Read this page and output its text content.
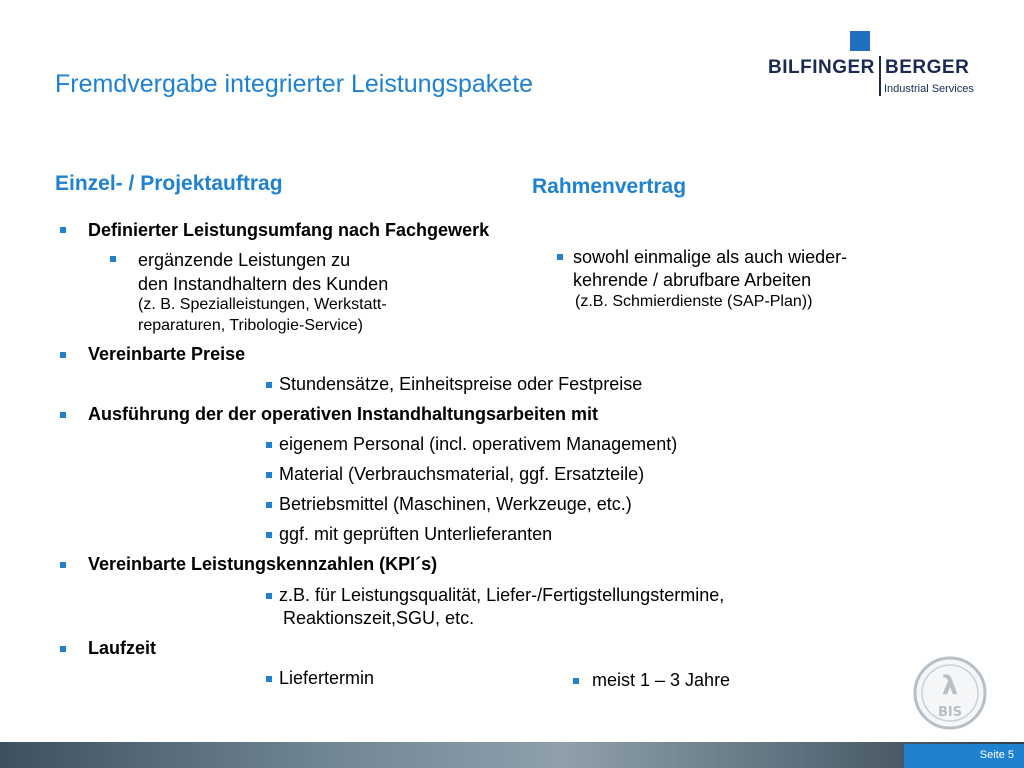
Fremdvergabe integrierter Leistungspakete
BILFINGER BERGER
Industrial Services
Einzel- / Projektauftrag	Rahmenvertrag
Definierter Leistungsumfang nach Fachgewerk
ergänzende Leistungen zu
den Instandhaltern des Kunden
(z. B. Spezialleistungen, Werkstatt-
reparaturen, Tribologie-Service)
sowohl einmalige als auch wieder-
kehrende / abrufbare Arbeiten
(z.B. Schmierdienste (SAP-Plan))
Vereinbarte Preise
Stundensätze, Einheitspreise oder Festpreise
Ausführung der der operativen Instandhaltungsarbeiten mit
eigenem Personal (incl. operativem Management)
Material (Verbrauchsmaterial, ggf. Ersatzteile)
Betriebsmittel (Maschinen, Werkzeuge, etc.)
ggf. mit geprüften Unterlieferanten
Vereinbarte Leistungskennzahlen (KPI´s)
z.B. für Leistungsqualität, Liefer-/Fertigstellungstermine,
Reaktionszeit,SGU, etc.
Laufzeit
Liefertermin	meist 1 – 3 Jahre	λ
BIS
Seite 5
